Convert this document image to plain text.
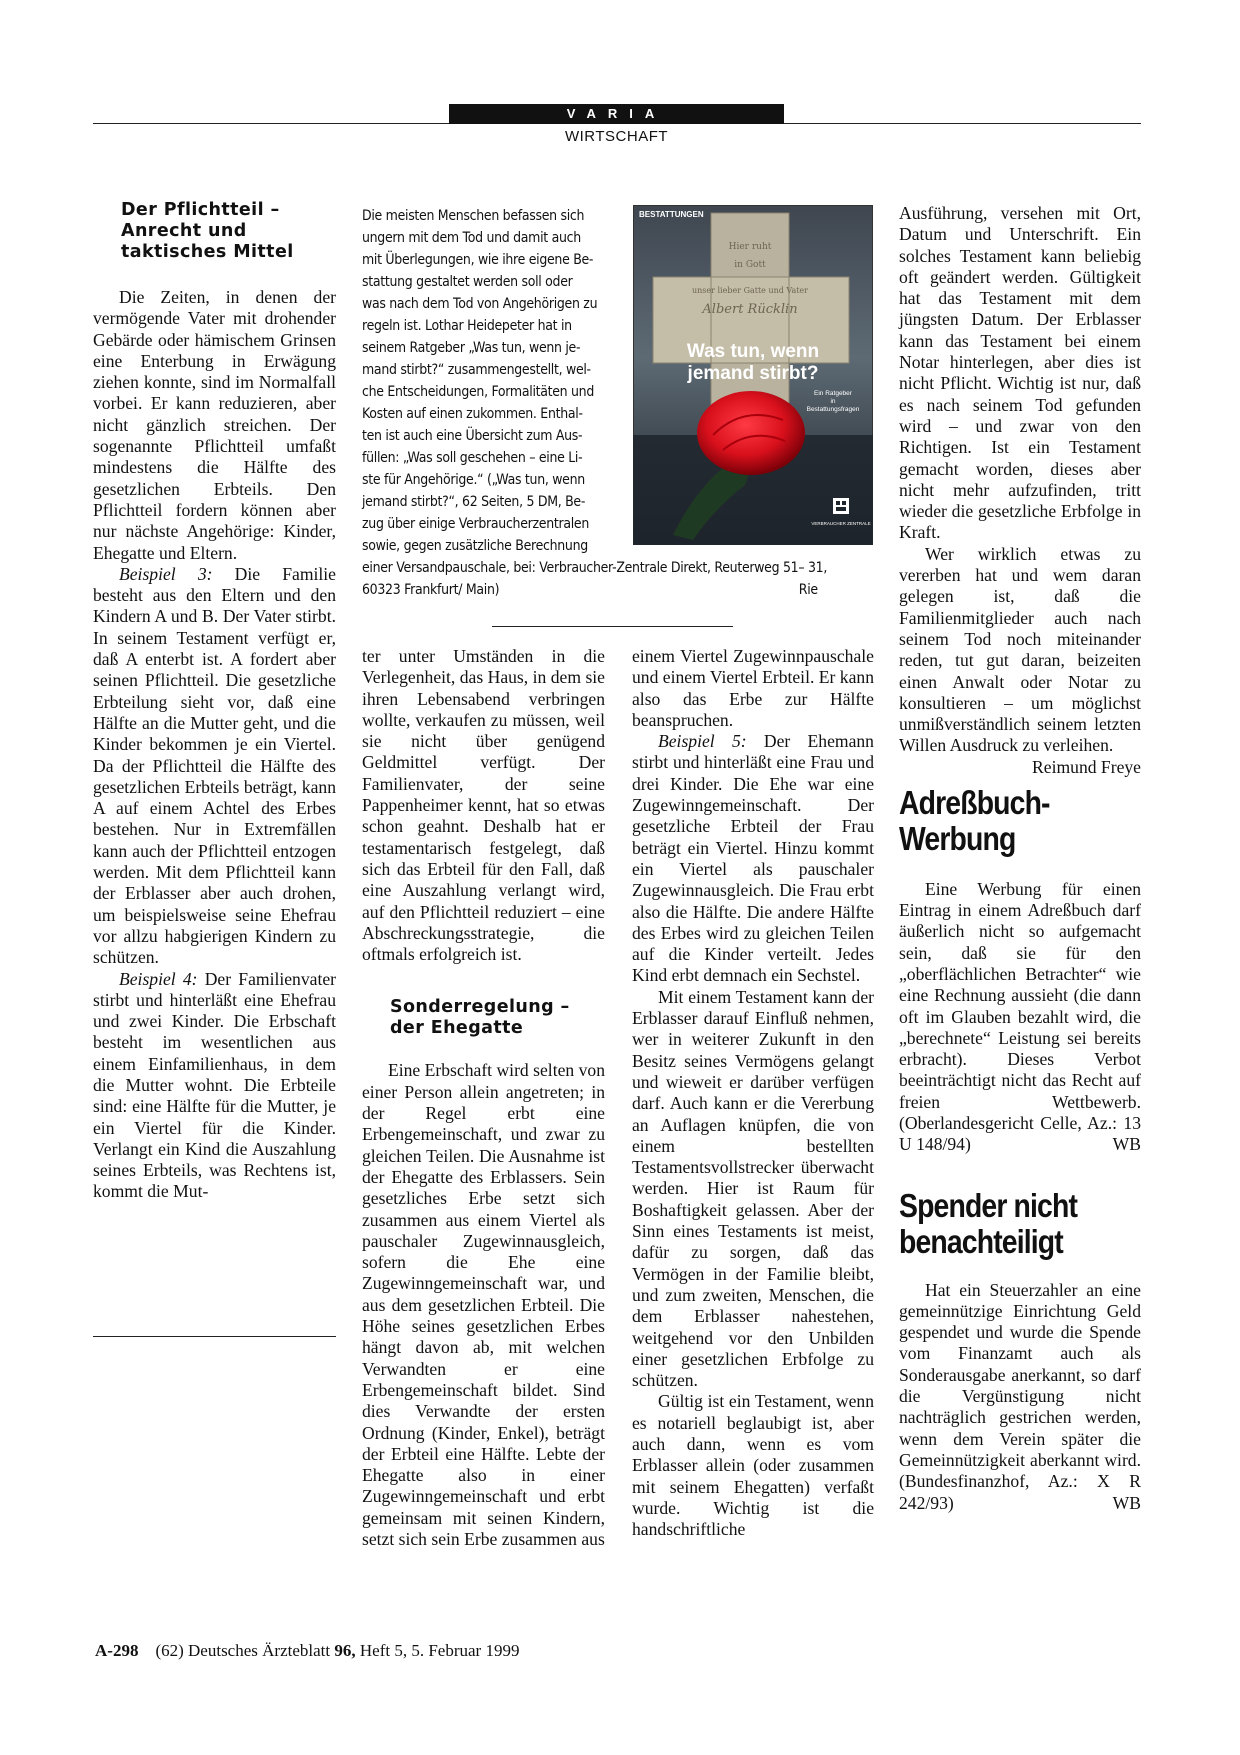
VARIA
WIRTSCHAFT
Der Pflichtteil – Anrecht und taktisches Mittel

Die Zeiten, in denen der vermögende Vater mit drohender Gebärde oder hämischem Grinsen eine Enterbung in Erwägung ziehen konnte, sind im Normalfall vorbei. Er kann reduzieren, aber nicht gänzlich streichen. Der sogenannte Pflichtteil umfaßt mindestens die Hälfte des gesetzlichen Erbteils. Den Pflichtteil fordern können aber nur nächste Angehörige: Kinder, Ehegatte und Eltern.

Beispiel 3: Die Familie besteht aus den Eltern und den Kindern A und B. Der Vater stirbt. In seinem Testament verfügt er, daß A enterbt ist. A fordert aber seinen Pflichtteil. Die gesetzliche Erbteilung sieht vor, daß eine Hälfte an die Mutter geht, und die Kinder bekommen je ein Viertel. Da der Pflichtteil die Hälfte des gesetzlichen Erbteils beträgt, kann A auf einem Achtel des Erbes bestehen. Nur in Extremfällen kann auch der Pflichtteil entzogen werden. Mit dem Pflichtteil kann der Erblasser aber auch drohen, um beispielsweise seine Ehefrau vor allzu habgierigen Kindern zu schützen.

Beispiel 4: Der Familienvater stirbt und hinterläßt eine Ehefrau und zwei Kinder. Die Erbschaft besteht im wesentlichen aus einem Einfamilienhaus, in dem die Mutter wohnt. Die Erbteile sind: eine Hälfte für die Mutter, je ein Viertel für die Kinder. Verlangt ein Kind die Auszahlung seines Erbteils, was Rechtens ist, kommt die Mut-

Die meisten Menschen befassen sich
ungern mit dem Tod und damit auch
mit Überlegungen, wie ihre eigene Be-
stattung gestaltet werden soll oder
was nach dem Tod von Angehörigen zu
regeln ist. Lothar Heidepeter hat in
seinem Ratgeber „Was tun, wenn je-
mand stirbt?“ zusammengestellt, wel-
che Entscheidungen, Formalitäten und
Kosten auf einen zukommen. Enthal-
ten ist auch eine Übersicht zum Aus-
füllen: „Was soll geschehen – eine Li-
ste für Angehörige.“ („Was tun, wenn
jemand stirbt?“, 62 Seiten, 5 DM, Be-
zug über einige Verbraucherzentralen
sowie, gegen zusätzliche Berechnung
einer Versandpauschale, bei: Verbraucher-Zentrale Direkt, Reuterweg 51– 31,
60323 Frankfurt/ Main)	Rie
Hier ruht
in Gott
unser lieber Gatte und Vater
Albert Rücklin
BESTATTUNGEN
Was tun, wenn
jemand stirbt?
Ein Ratgeber
in
Bestattungsfragen
VERBRAUCHER ZENTRALE

ter unter Umständen in die Verlegenheit, das Haus, in dem sie ihren Lebensabend verbringen wollte, verkaufen zu müssen, weil sie nicht über genügend Geldmittel verfügt. Der Familienvater, der seine Pappenheimer kennt, hat so etwas schon geahnt. Deshalb hat er testamentarisch festgelegt, daß sich das Erbteil für den Fall, daß eine Auszahlung verlangt wird, auf den Pflichtteil reduziert – eine Abschreckungsstrategie, die oftmals erfolgreich ist.

Sonderregelung – der Ehegatte

Eine Erbschaft wird selten von einer Person allein angetreten; in der Regel erbt eine Erbengemeinschaft, und zwar zu gleichen Teilen. Die Ausnahme ist der Ehegatte des Erblassers. Sein gesetzliches Erbe setzt sich zusammen aus einem Viertel als pauschaler Zugewinnausgleich, sofern die Ehe eine Zugewinngemeinschaft war, und aus dem gesetzlichen Erbteil. Die Höhe seines gesetzlichen Erbes hängt davon ab, mit welchen Verwandten er eine Erbengemeinschaft bildet. Sind dies Verwandte der ersten Ordnung (Kinder, Enkel), beträgt der Erbteil eine Hälfte. Lebte der Ehegatte also in einer Zugewinngemeinschaft und erbt gemeinsam mit seinen Kindern, setzt sich sein Erbe zusammen aus

einem Viertel Zugewinnpauschale und einem Viertel Erbteil. Er kann also das Erbe zur Hälfte beanspruchen.

Beispiel 5: Der Ehemann stirbt und hinterläßt eine Frau und drei Kinder. Die Ehe war eine Zugewinngemeinschaft. Der gesetzliche Erbteil der Frau beträgt ein Viertel. Hinzu kommt ein Viertel als pauschaler Zugewinnausgleich. Die Frau erbt also die Hälfte. Die andere Hälfte des Erbes wird zu gleichen Teilen auf die Kinder verteilt. Jedes Kind erbt demnach ein Sechstel.

Mit einem Testament kann der Erblasser darauf Einfluß nehmen, wer in weiterer Zukunft in den Besitz seines Vermögens gelangt und wieweit er darüber verfügen darf. Auch kann er die Vererbung an Auflagen knüpfen, die von einem bestellten Testamentsvollstrecker überwacht werden. Hier ist Raum für Boshaftigkeit gelassen. Aber der Sinn eines Testaments ist meist, dafür zu sorgen, daß das Vermögen in der Familie bleibt, und zum zweiten, Menschen, die dem Erblasser nahestehen, weitgehend vor den Unbilden einer gesetzlichen Erbfolge zu schützen.

Gültig ist ein Testament, wenn es notariell beglaubigt ist, aber auch dann, wenn es vom Erblasser allein (oder zusammen mit seinem Ehegatten) verfaßt wurde. Wichtig ist die handschriftliche

Ausführung, versehen mit Ort, Datum und Unterschrift. Ein solches Testament kann beliebig oft geändert werden. Gültigkeit hat das Testament mit dem jüngsten Datum. Der Erblasser kann das Testament bei einem Notar hinterlegen, aber dies ist nicht Pflicht. Wichtig ist nur, daß es nach seinem Tod gefunden wird – und zwar von den Richtigen. Ist ein Testament gemacht worden, dieses aber nicht mehr aufzufinden, tritt wieder die gesetzliche Erbfolge in Kraft.

Wer wirklich etwas zu vererben hat und wem daran gelegen ist, daß die Familienmitglieder auch nach seinem Tod noch miteinander reden, tut gut daran, beizeiten einen Anwalt oder Notar zu konsultieren – um möglichst unmißverständlich seinem letzten Willen Ausdruck zu verleihen.
Reimund Freye

Adreßbuch-
Werbung

Eine Werbung für einen Eintrag in einem Adreßbuch darf äußerlich nicht so aufgemacht sein, daß sie für den „oberflächlichen Betrachter“ wie eine Rechnung aussieht (die dann oft im Glauben bezahlt wird, die „berechnete“ Leistung sei bereits erbracht). Dieses Verbot beeinträchtigt nicht das Recht auf freien Wettbewerb. (Oberlandesgericht Celle, Az.: 13 U 148/94)	WB

Spender nicht
benachteiligt

Hat ein Steuerzahler an eine gemeinnützige Einrichtung Geld gespendet und wurde die Spende vom Finanzamt auch als Sonderausgabe anerkannt, so darf die Vergünstigung nicht nachträglich gestrichen werden, wenn dem Verein später die Gemeinnützigkeit aberkannt wird. (Bundesfinanzhof, Az.: X R 242/93)	WB

A-298 (62) Deutsches Ärzteblatt 96, Heft 5, 5. Februar 1999
